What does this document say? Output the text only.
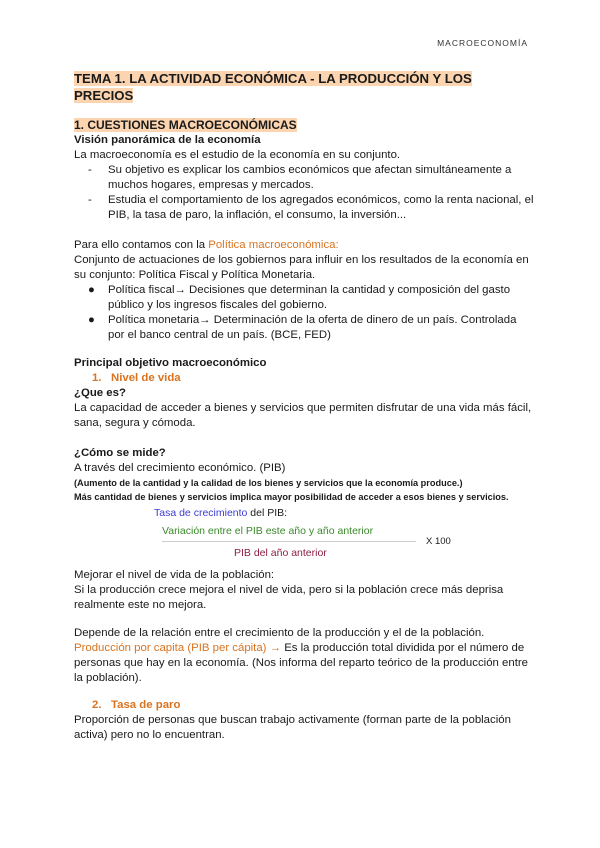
MACROECONOMÍA

TEMA 1. LA ACTIVIDAD ECONÓMICA - LA PRODUCCIÓN Y LOS PRECIOS

1. CUESTIONES MACROECONÓMICAS

Visión panorámica de la economía

La macroeconomía es el estudio de la economía en su conjunto.

- Su objetivo es explicar los cambios económicos que afectan simultáneamente a muchos hogares, empresas y mercados.
- Estudia el comportamiento de los agregados económicos, como la renta nacional, el PIB, la tasa de paro, la inflación, el consumo, la inversión...

Para ello contamos con la Política macroeconómica:

Conjunto de actuaciones de los gobiernos para influir en los resultados de la economía en su conjunto: Política Fiscal y Política Monetaria.

● Política fiscal→ Decisiones que determinan la cantidad y composición del gasto público y los ingresos fiscales del gobierno.
● Política monetaria→ Determinación de la oferta de dinero de un país. Controlada por el banco central de un país. (BCE, FED)

Principal objetivo macroeconómico

1. Nivel de vida

¿Que es?

La capacidad de acceder a bienes y servicios que permiten disfrutar de una vida más fácil, sana, segura y cómoda.

¿Cómo se mide?

A través del crecimiento económico. (PIB)

(Aumento de la cantidad y la calidad de los bienes y servicios que la economía produce.)

Más cantidad de bienes y servicios implica mayor posibilidad de acceder a esos bienes y servicios.

Tasa de crecimiento del PIB:
Variación entre el PIB este año y año anterior
PIB del año anterior
X 100

Mejorar el nivel de vida de la población:

Si la producción crece mejora el nivel de vida, pero si la población crece más deprisa realmente este no mejora.

Depende de la relación entre el crecimiento de la producción y el de la población.

Producción por capita (PIB per cápita) → Es la producción total dividida por el número de personas que hay en la economía. (Nos informa del reparto teórico de la producción entre la población).

2. Tasa de paro

Proporción de personas que buscan trabajo activamente (forman parte de la población activa) pero no lo encuentran.
